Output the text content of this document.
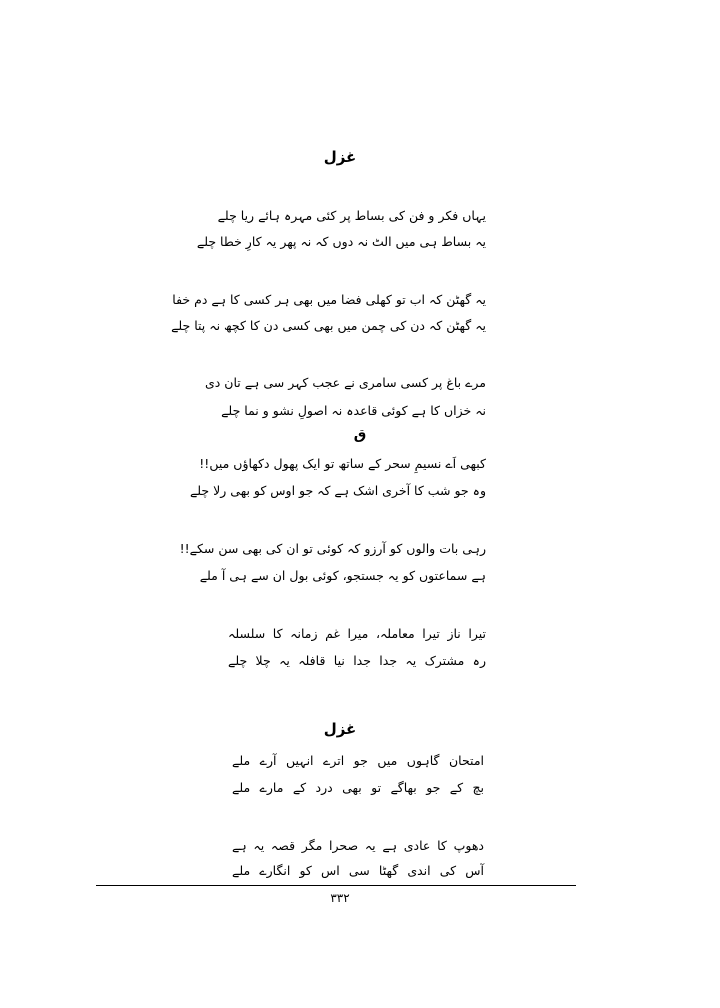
غزل
یہاں فکر و فن کی بساط پر کئی مہرہ ہائے ریا چلے
یہ بساط ہی میں الٹ نہ دوں کہ نہ پھر یہ کارِ خطا چلے
یہ گھٹن کہ اب تو کھلی فضا میں بھی ہر کسی کا ہے دم خفا
یہ گھٹن کہ دن کی چمن میں بھی کسی دن کا کچھ نہ پتا چلے
مرے باغ پر کسی سامری نے عجب کہر سی ہے تان دی
نہ خزاں کا ہے کوئی قاعدہ نہ اصولِ نشو و نما چلے
ق
کبھی اَے نسیمِ سحر کے ساتھ تو ایک پھول دکھاؤں میں!!
وہ جو شب کا آخری اشک ہے کہ جو اوس کو بھی رلا چلے
رہی بات والوں کو آرزو کہ کوئی تو ان کی بھی سن سکے!!
ہے سماعتوں کو یہ جستجو، کوئی بول ان سے ہی آ ملے
تیرا ناز تیرا معاملہ، میرا غم زمانہ کا سلسلہ
رہ مشترک یہ جدا جدا نیا قافلہ یہ چلا چلے
غزل
امتحان گاہوں میں جو اترے انہیں آرے ملے
بچ کے جو بھاگے تو بھی درد کے مارے ملے
دھوپ کا عادی ہے یہ صحرا مگر قصہ یہ ہے
آس کی اندی گھٹا سی اس کو انگارے ملے
۳۳۲
